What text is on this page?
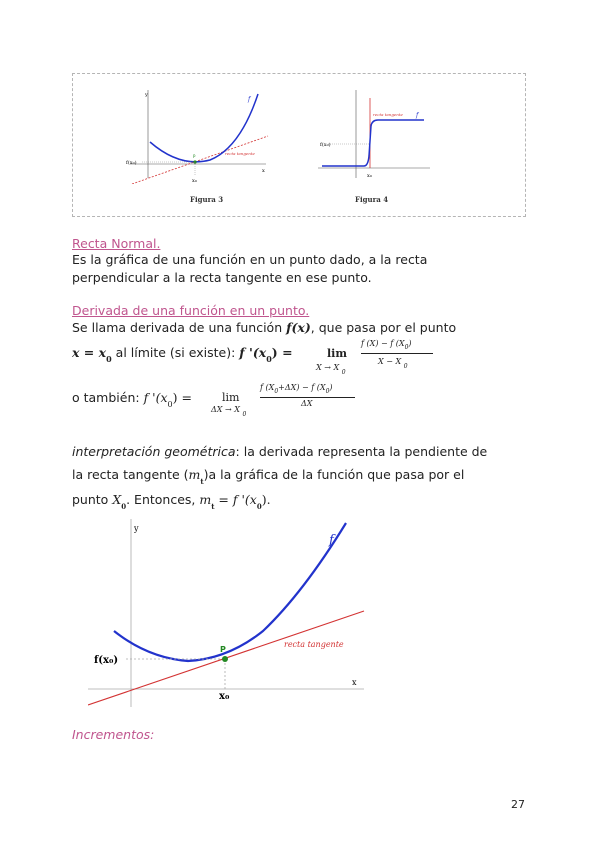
y
x
f
f(x₀)
x₀
P
recta tangente
Figura 3
f(x₀)
x₀
f
recta tangente
Figura 4
Recta Normal.
Es la gráfica de una función en un punto dado, a la recta
perpendicular a la recta tangente en ese punto.
Derivada de una función en un punto.
Se llama derivada de una función f(x), que pasa por el punto
$x = x_0$ al límite (si existe): f '$(x_0)$ =	lim
X → X $_0$
f (X) − f $(X_0)$
X − X $_0$
o también: f '$(x_0)$ =	lim
ΔX → X $_0$
f $(X_0+\Delta X) - f$ $(X_0)$
ΔX
interpretación geométrica: la derivada representa la pendiente de
la recta tangente $(m_t)a$ la gráfica de la función que pasa por el
punto $X_0$. Entonces, $m_t = f$ '$(x_0)$.
y
x
f
f(x₀)
x₀
P
recta tangente
Incrementos:
27
